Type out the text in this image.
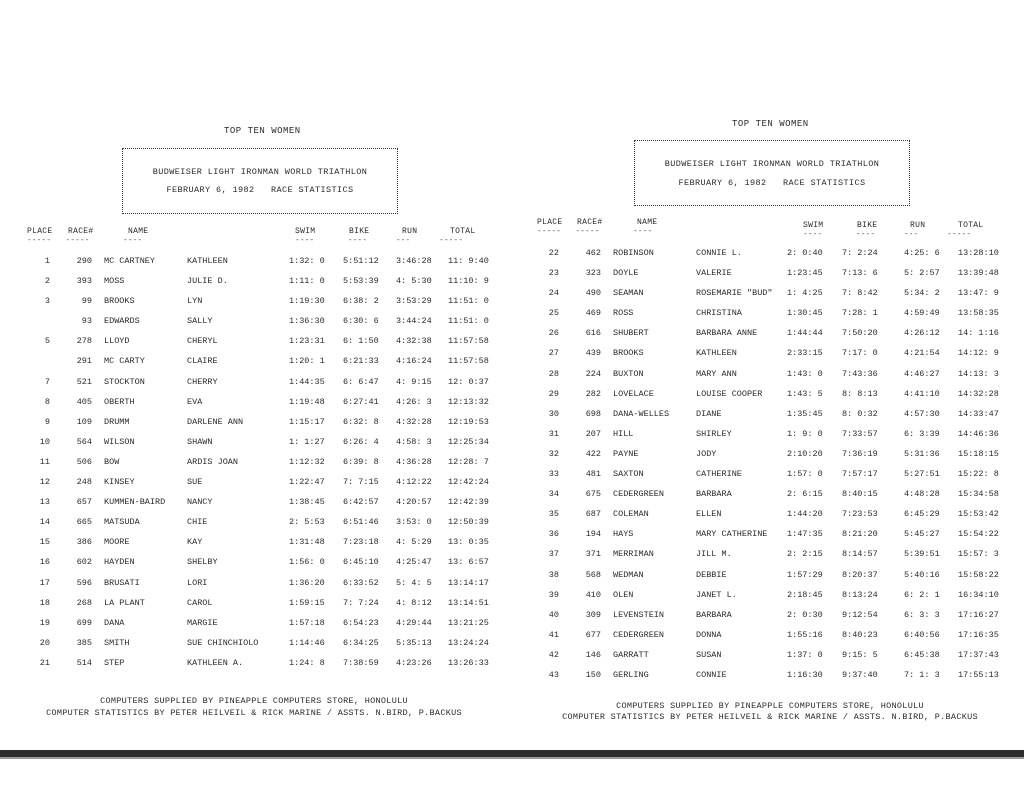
TOP TEN WOMEN
BUDWEISER LIGHT IRONMAN WORLD TRIATHLON
FEBRUARY 6, 1982 RACE STATISTICS
PLACE RACE#	NAME	SWIM	BIKE	RUN	TOTAL
-----   -----       ----	----       ----      ---      -----
1	290 MC CARTNEY	KATHLEEN	1:32: 0 5:51:12 3:46:28 11: 9:40
2	393 MOSS	JULIE D.	1:11: 0 5:53:39 4: 5:30 11:10: 9
3	99 BROOKS	LYN	1:19:30 6:38: 2 3:53:29 11:51: 0
93 EDWARDS	SALLY	1:36:30 6:30: 6 3:44:24 11:51: 0
5	278 LLOYD	CHERYL	1:23:31 6: 1:50 4:32:38 11:57:58
291 MC CARTY	CLAIRE	1:20: 1 6:21:33 4:16:24 11:57:58
7	521 STOCKTON	CHERRY	1:44:35 6: 6:47 4: 9:15 12: 0:37
8	405 OBERTH	EVA	1:19:48 6:27:41 4:26: 3 12:13:32
9	109 DRUMM	DARLENE ANN	1:15:17 6:32: 8 4:32:28 12:19:53
10	564 WILSON	SHAWN	1: 1:27 6:26: 4 4:58: 3 12:25:34
11	506 BOW	ARDIS JOAN	1:12:32 6:39: 8 4:36:28 12:28: 7
12	248 KINSEY	SUE	1:22:47 7: 7:15 4:12:22 12:42:24
13	657 KUMMEN-BAIRD	NANCY	1:38:45 6:42:57 4:20:57 12:42:39
14	665 MATSUDA	CHIE	2: 5:53 6:51:46 3:53: 0 12:50:39
15	386 MOORE	KAY	1:31:48 7:23:18 4: 5:29 13: 0:35
16	602 HAYDEN	SHELBY	1:56: 0 6:45:10 4:25:47 13: 6:57
17	596 BRUSATI	LORI	1:36:20 6:33:52 5: 4: 5 13:14:17
18	268 LA PLANT	CAROL	1:59:15 7: 7:24 4: 8:12 13:14:51
19	699 DANA	MARGIE	1:57:18 6:54:23 4:29:44 13:21:25
20	385 SMITH	SUE CHINCHIOLO	1:14:46 6:34:25 5:35:13 13:24:24
21	514 STEP	KATHLEEN A.	1:24: 8 7:38:59 4:23:26 13:26:33
COMPUTERS SUPPLIED BY PINEAPPLE COMPUTERS STORE, HONOLULU
COMPUTER STATISTICS BY PETER HEILVEIL & RICK MARINE / ASSTS. N.BIRD, P.BACKUS
TOP TEN WOMEN
BUDWEISER LIGHT IRONMAN WORLD TRIATHLON
FEBRUARY 6, 1982 RACE STATISTICS
PLACE RACE#	NAME	SWIM	BIKE	RUN	TOTAL
-----   -----       ----	----       ----      ---      -----
22	462 ROBINSON	CONNIE L.	2: 0:40 7: 2:24	4:25: 6 13:28:10
23	323 DOYLE	VALERIE	1:23:45 7:13: 6	5: 2:57 13:39:48
24	490 SEAMAN	ROSEMARIE "BUD" 1: 4:25 7: 8:42	5:34: 2 13:47: 9
25	469 ROSS	CHRISTINA	1:30:45 7:28: 1	4:59:49 13:58:35
26	616 SHUBERT	BARBARA ANNE	1:44:44 7:50:20	4:26:12 14: 1:16
27	439 BROOKS	KATHLEEN	2:33:15 7:17: 0	4:21:54 14:12: 9
28	224 BUXTON	MARY ANN	1:43: 0 7:43:36	4:46:27 14:13: 3
29	282 LOVELACE	LOUISE COOPER	1:43: 5 8: 8:13	4:41:10 14:32:28
30	698 DANA-WELLES	DIANE	1:35:45 8: 0:32	4:57:30 14:33:47
31	207 HILL	SHIRLEY	1: 9: 0 7:33:57	6: 3:39 14:46:36
32	422 PAYNE	JODY	2:10:20 7:36:19	5:31:36 15:18:15
33	481 SAXTON	CATHERINE	1:57: 0 7:57:17	5:27:51 15:22: 8
34	675 CEDERGREEN	BARBARA	2: 6:15 8:40:15	4:48:28 15:34:58
35	687 COLEMAN	ELLEN	1:44:20 7:23:53	6:45:29 15:53:42
36	194 HAYS	MARY CATHERINE 1:47:35 8:21:20	5:45:27 15:54:22
37	371 MERRIMAN	JILL M.	2: 2:15 8:14:57	5:39:51 15:57: 3
38	568 WEDMAN	DEBBIE	1:57:29 8:20:37	5:40:16 15:58:22
39	410 OLEN	JANET L.	2:18:45 8:13:24	6: 2: 1 16:34:10
40	309 LEVENSTEIN	BARBARA	2: 0:30 9:12:54	6: 3: 3 17:16:27
41	677 CEDERGREEN	DONNA	1:55:16 8:40:23	6:40:56 17:16:35
42	146 GARRATT	SUSAN	1:37: 0 9:15: 5	6:45:38 17:37:43
43	150 GERLING	CONNIE	1:16:30 9:37:40	7: 1: 3 17:55:13
COMPUTERS SUPPLIED BY PINEAPPLE COMPUTERS STORE, HONOLULU
COMPUTER STATISTICS BY PETER HEILVEIL & RICK MARINE / ASSTS. N.BIRD, P.BACKUS
